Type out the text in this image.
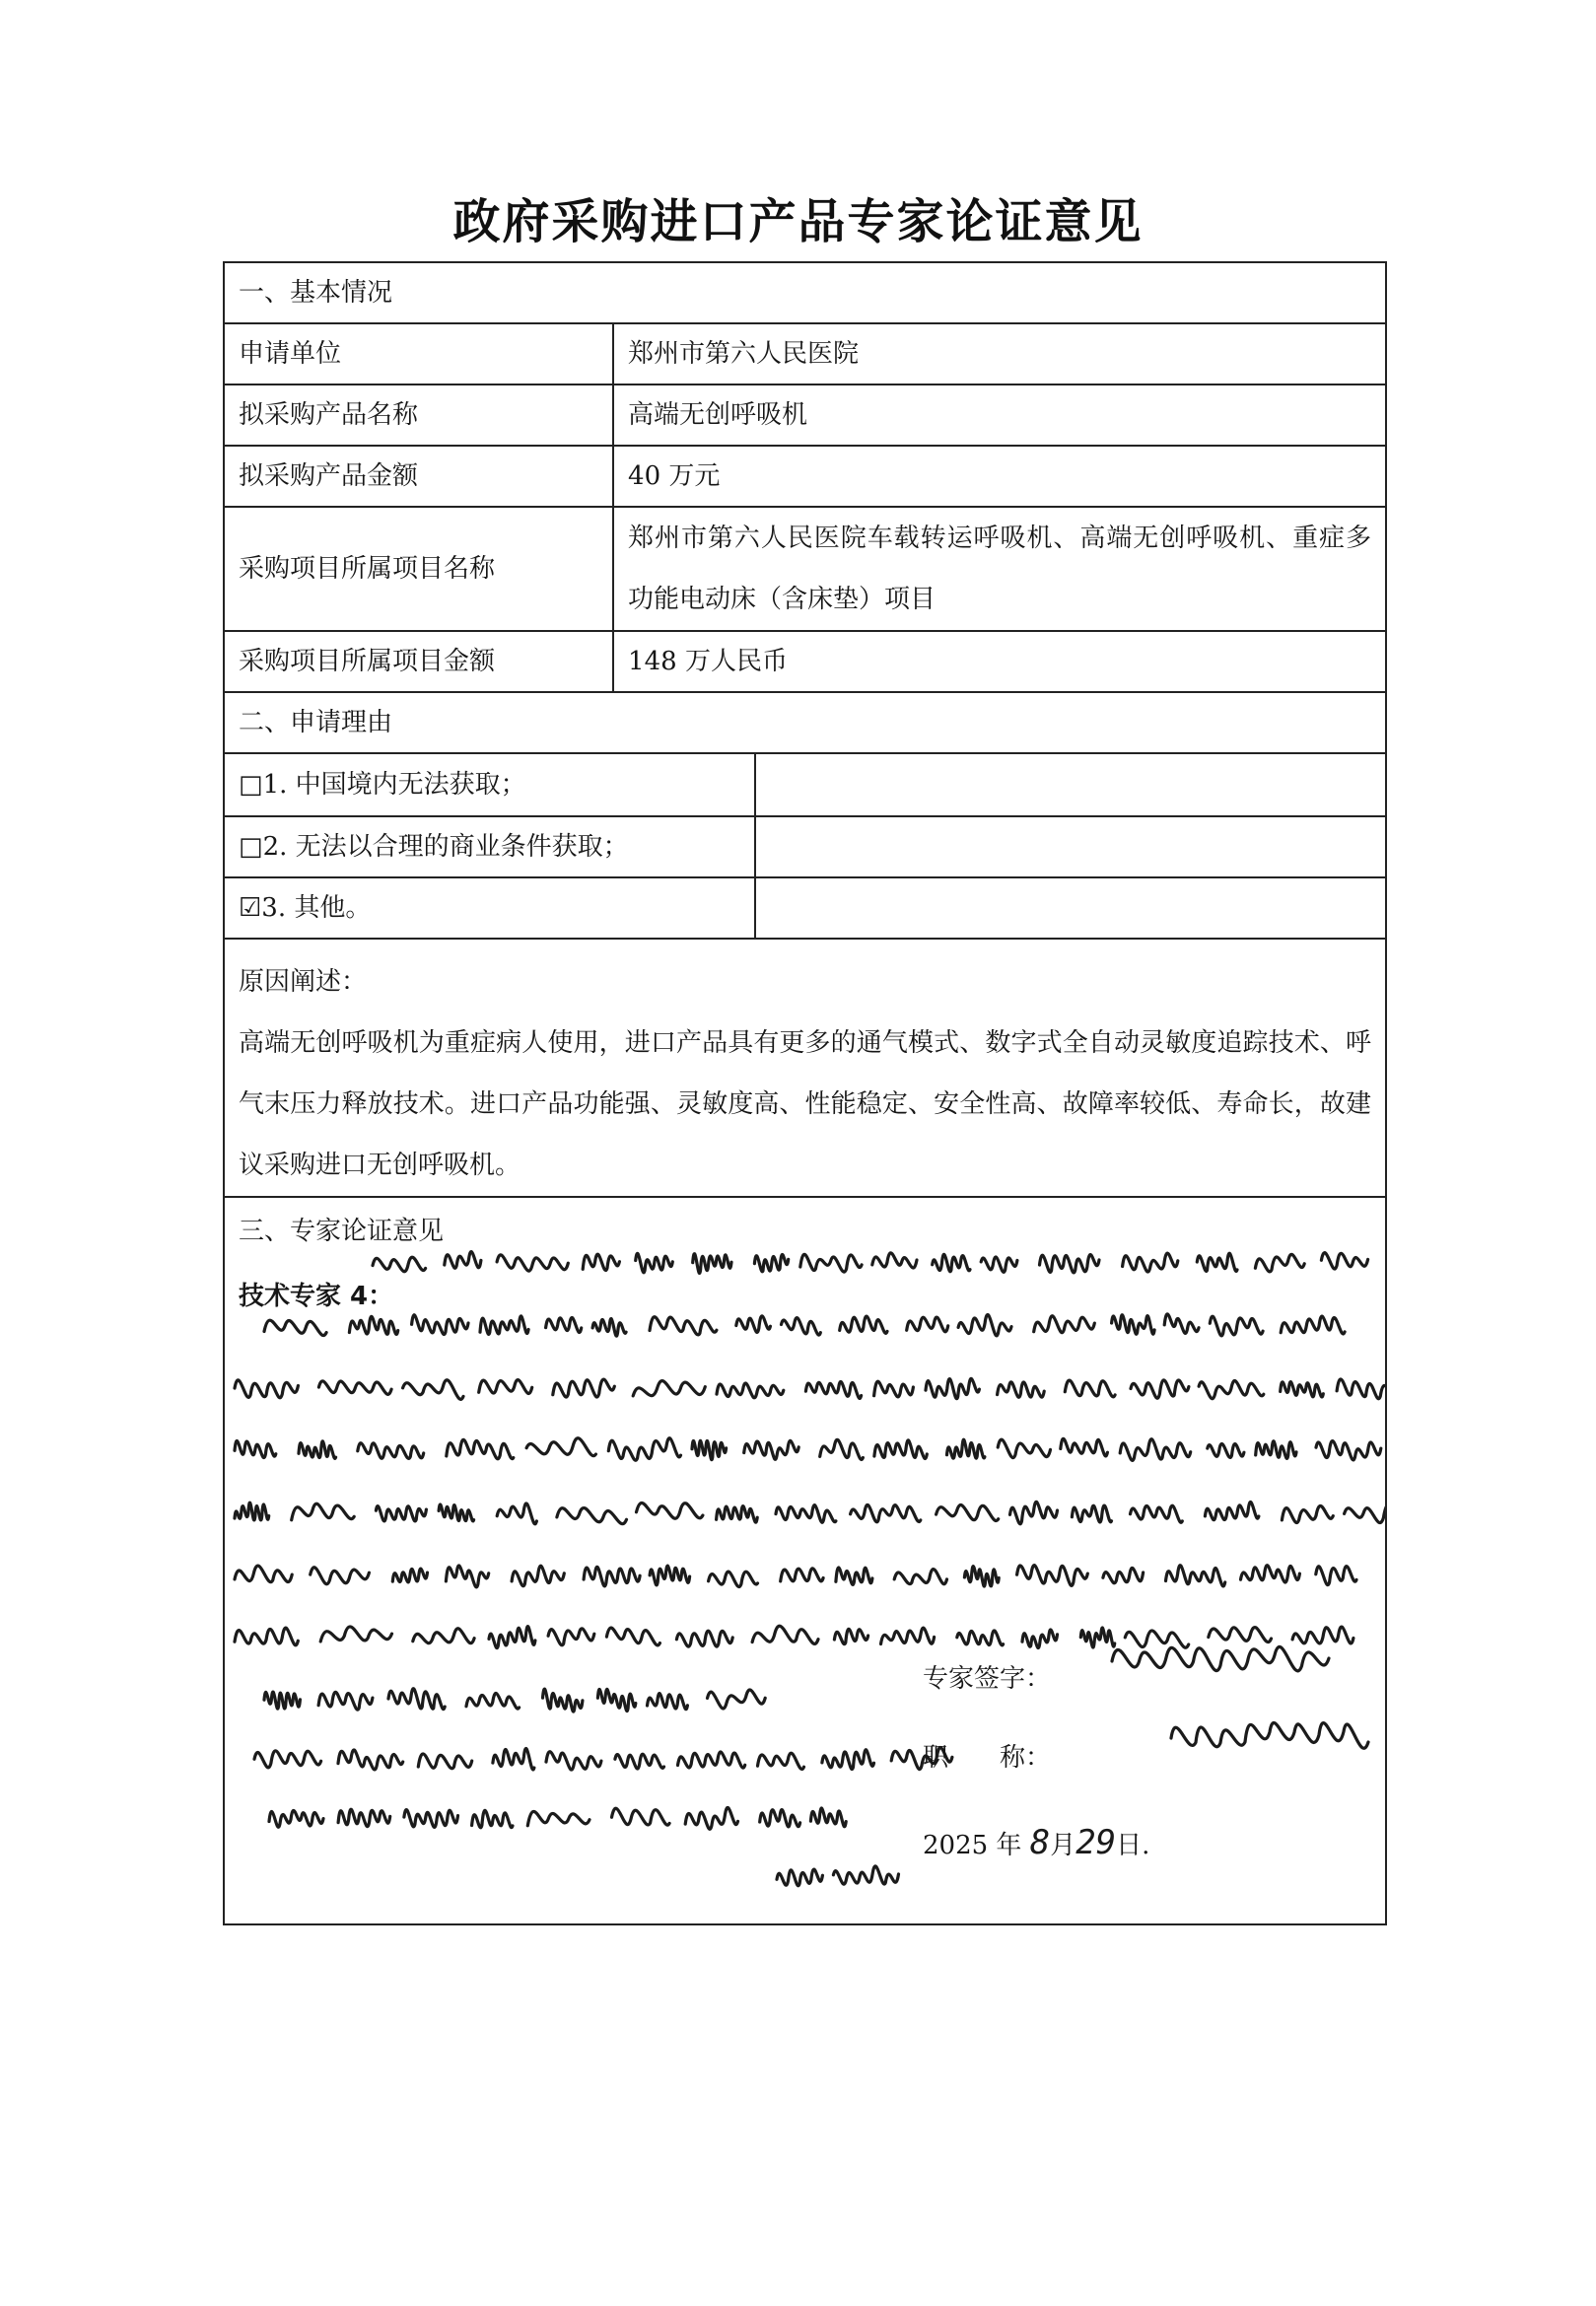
政府采购进口产品专家论证意见
一、基本情况		
申请单位	郑州市第六人民医院	
拟采购产品名称	高端无创呼吸机	
拟采购产品金额	40 万元	
采购项目所属项目名称	郑州市第六人民医院车载转运呼吸机、高端无创呼吸机、重症多功能电动床（含床垫）项目	
采购项目所属项目金额	148 万人民币	
二、申请理由		
□1. 中国境内无法获取；		
□2. 无法以合理的商业条件获取；		
☑3. 其他。		

原因阐述：

高端无创呼吸机为重症病人使用，进口产品具有更多的通气模式、数字式全自动灵敏度追踪技术、呼气末压力释放技术。进口产品功能强、灵敏度高、性能稳定、安全性高、故障率较低、寿命长，故建议采购进口无创呼吸机。		

三、专家论证意见
技术专家 4：
专家签字：
职　　称：
2025 年 8月29日.		
